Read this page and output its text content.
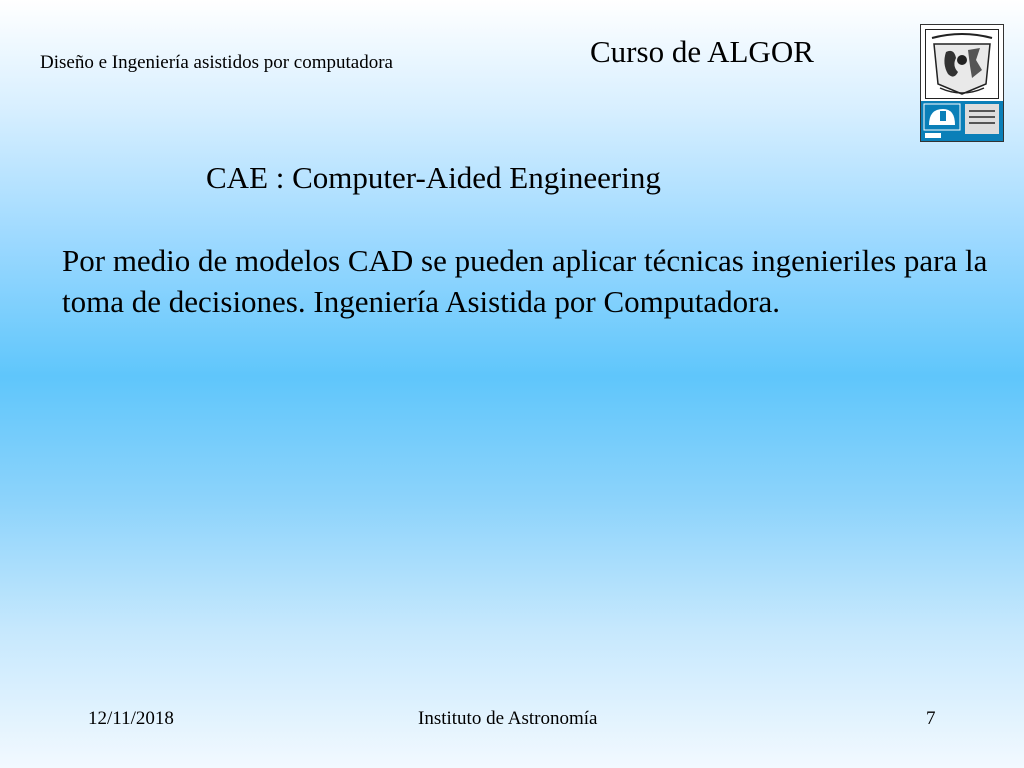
Diseño e Ingeniería asistidos por computadora	Curso de ALGOR
CAE : Computer-Aided Engineering
Por medio de modelos CAD se pueden aplicar técnicas ingenieriles para la toma de decisiones. Ingeniería Asistida por Computadora.
12/11/2018	Instituto de Astronomía	7
